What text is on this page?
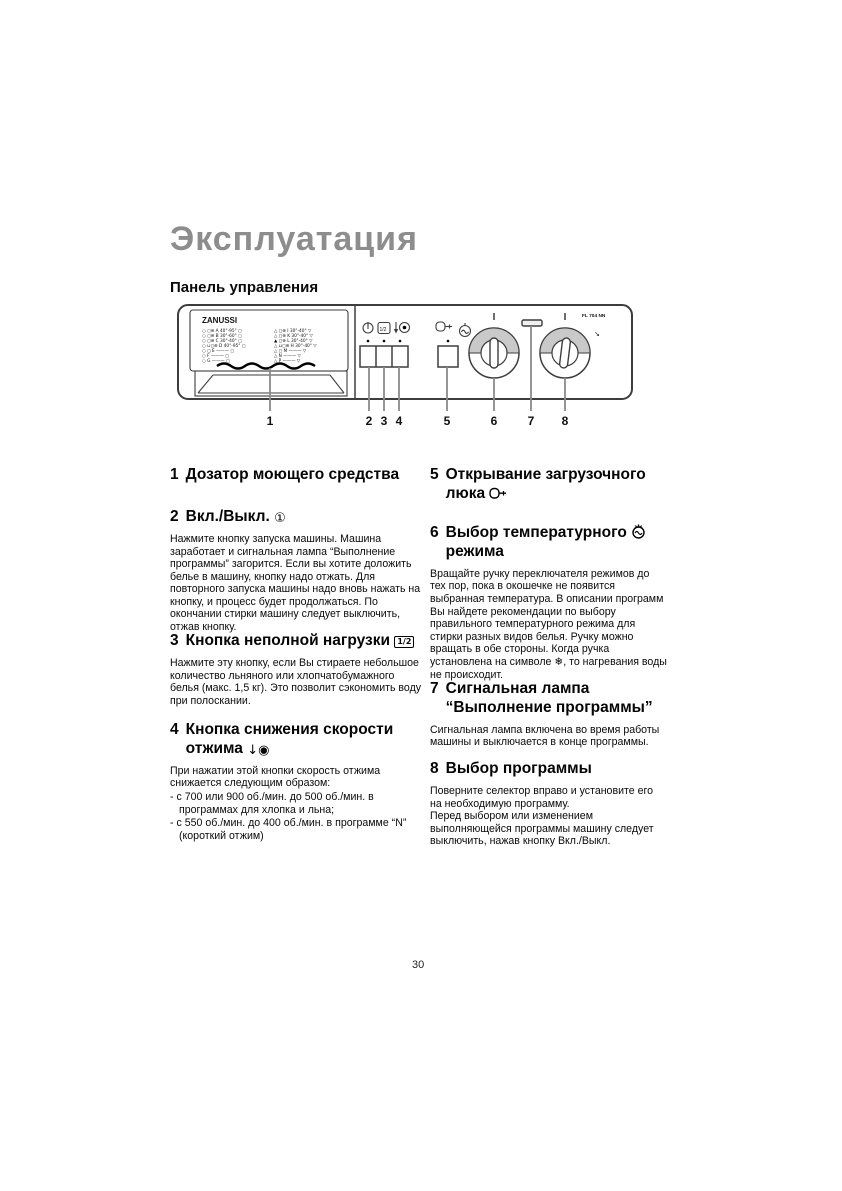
Эксплуатация
Панель управления
ZANUSSI
○ ◻⊛ A 40°-95° ◻
○ ◻⊛ B 30°-60° ◻
○ ◻⊛ C 30°-40° ◻
○ ⊔◻⊛ D 40°-95° ◻
○ ◻ E ——— ◻
○ F ——— ◻
○ G ——— ◻
△ ◻⊛ I 30°-40° ▽
△ ◻⊛ K 30°-40° ▽
▲ ◻⊛ L 30°-40° ▽
△ ⊔◻⊛ H 30°-40° ▽
△ ◻ M ——— ▽
△ N ——— ▽
△ P ——— ▽
1/2
FL 704 NN
↘
1	2 3 4	5	6	7 8
1 Дозатор моющего средства
2 Вкл./Выкл. ①
Нажмите кнопку запуска машины. Машина заработает и сигнальная лампа “Выполнение программы” загорится. Если вы хотите доложить белье в машину, кнопку надо отжать. Для повторного запуска машины надо вновь нажать на кнопку, и процесс будет продолжаться. По окончании стирки машину следует выключить, отжав кнопку.
3 Кнопка неполной нагрузки 1/2
Нажмите эту кнопку, если Вы стираете небольшое количество льняного или хлопчатобумажного белья (макс. 1,5 кг). Это позволит сэкономить воду при полоскании.
4 Кнопка снижения скорости
отжима ↓◉
При нажатии этой кнопки скорость отжима снижается следующим образом:
- с 700 или 900 об./мин. до 500 об./мин. в программах для хлопка и льна;
- с 550 об./мин. до 400 об./мин. в программе “N” (короткий отжим)
5 Открывание загрузочного
люка
6 Выбор температурного
режима
Вращайте ручку переключателя режимов до тех пор, пока в окошечке не появится выбранная температура. В описании программ Вы найдете рекомендации по выбору правильного температурного режима для стирки разных видов белья. Ручку можно вращать в обе стороны. Когда ручка установлена на символе ❄, то нагревания воды не происходит.
7 Сигнальная лампа
“Выполнение программы”
Сигнальная лампа включена во время работы машины и выключается в конце программы.
8 Выбор программы
Поверните селектор вправо и установите его на необходимую программу.
Перед выбором или изменением выполняющейся программы машину следует выключить, нажав кнопку Вкл./Выкл.
30
